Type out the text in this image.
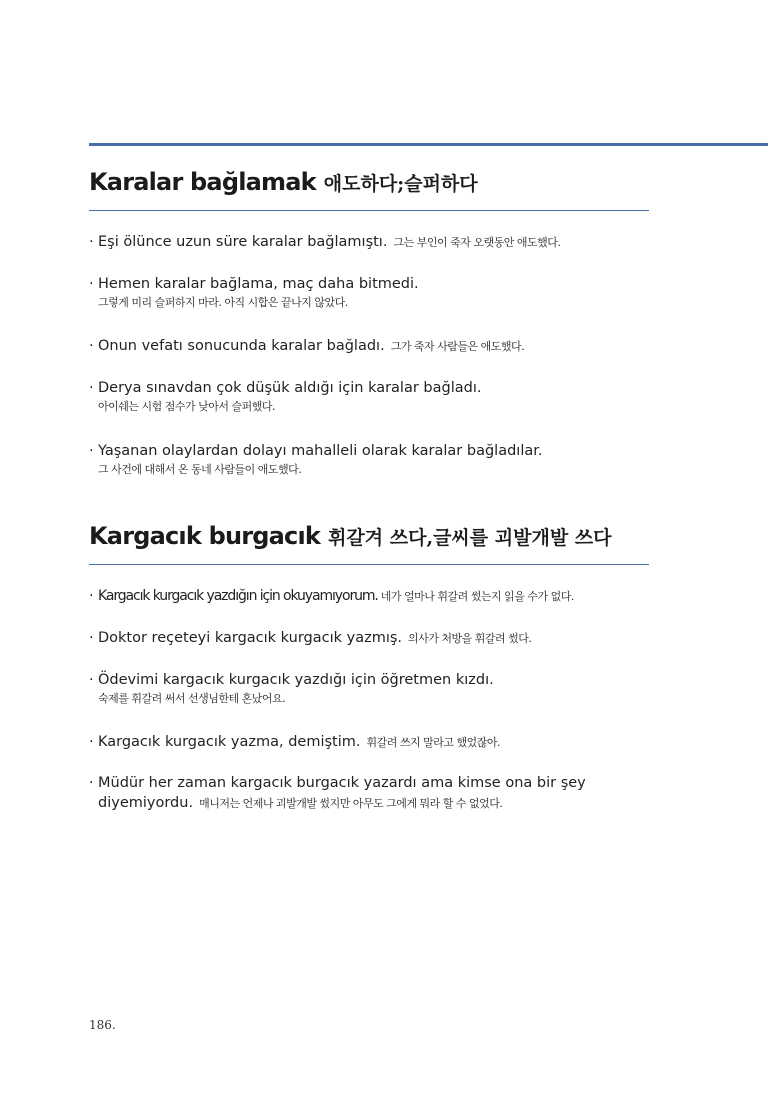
Karalar bağlamak 애도하다;슬퍼하다
· Eşi ölünce uzun süre karalar bağlamıştı. 그는 부인이 죽자 오랫동안 애도했다.
· Hemen karalar bağlama, maç daha bitmedi.
그렇게 미리 슬퍼하지 마라. 아직 시합은 끝나지 않았다.
· Onun vefatı sonucunda karalar bağladı. 그가 죽자 사람들은 애도했다.
· Derya sınavdan çok düşük aldığı için karalar bağladı.
아이쉐는 시험 점수가 낮아서 슬퍼했다.
· Yaşanan olaylardan dolayı mahalleli olarak karalar bağladılar.
그 사건에 대해서 온 동네 사람들이 애도했다.
Kargacık burgacık 휘갈겨 쓰다,글씨를 괴발개발 쓰다
· Kargacık kurgacık yazdığın için okuyamıyorum. 네가 얼마나 휘갈려 썼는지 읽을 수가 없다.
· Doktor reçeteyi kargacık kurgacık yazmış. 의사가 처방을 휘갈려 썼다.
· Ödevimi kargacık kurgacık yazdığı için öğretmen kızdı.
숙제를 휘갈려 써서 선생님한테 혼났어요.
· Kargacık kurgacık yazma, demiştim. 휘갈려 쓰지 말라고 했었잖아.
· Müdür her zaman kargacık burgacık yazardı ama kimse ona bir şey
diyemiyordu. 매니저는 언제나 괴발개발 썼지만 아무도 그에게 뭐라 할 수 없었다.
186.
